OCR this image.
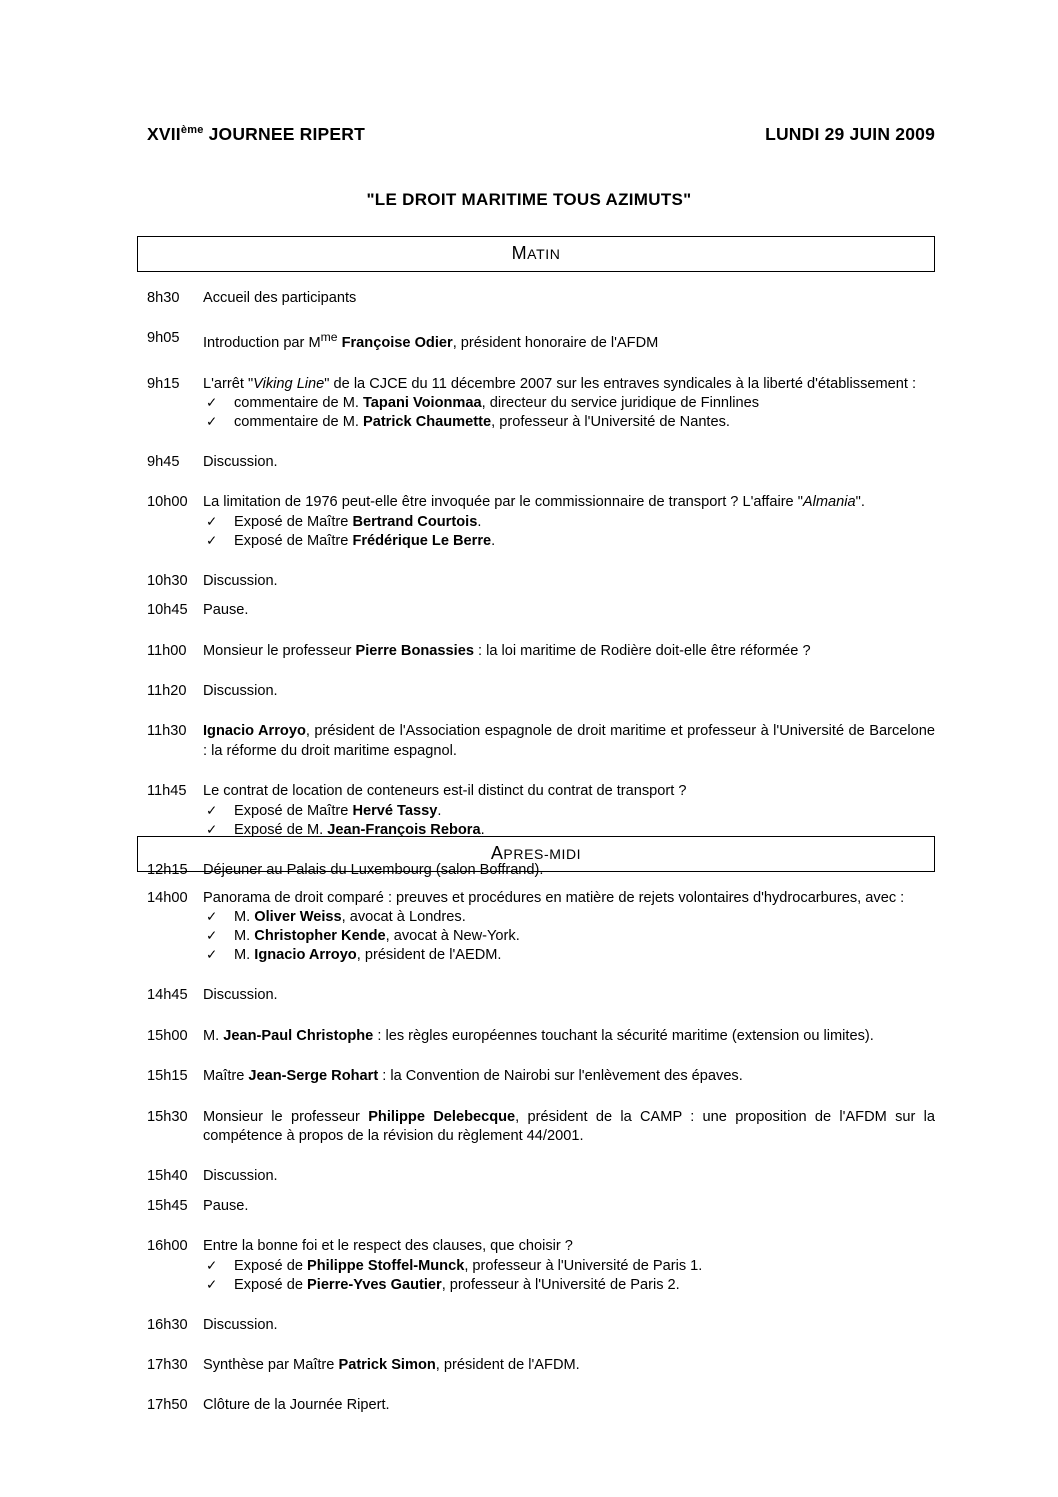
XVIIème JOURNEE RIPERT	LUNDI 29 JUIN 2009
"LE DROIT MARITIME TOUS AZIMUTS"
MATIN
8h30	Accueil des participants
9h05	Introduction par $M^{me}$ Françoise Odier, président honoraire de l'AFDM
9h15	L'arrêt "Viking Line" de la CJCE du 11 décembre 2007 sur les entraves syndicales à la liberté d'établissement :
✓ commentaire de M. Tapani Voionmaa, directeur du service juridique de Finnlines
✓ commentaire de M. Patrick Chaumette, professeur à l'Université de Nantes.
9h45	Discussion.
10h00	La limitation de 1976 peut-elle être invoquée par le commissionnaire de transport ? L'affaire "Almania".
✓ Exposé de Maître Bertrand Courtois.
✓ Exposé de Maître Frédérique Le Berre.
10h30	Discussion.
10h45	Pause.
11h00	Monsieur le professeur Pierre Bonassies : la loi maritime de Rodière doit-elle être réformée ?
11h20	Discussion.
11h30	Ignacio Arroyo, président de l'Association espagnole de droit maritime et professeur à l'Université de Barcelone : la réforme du droit maritime espagnol.
11h45	Le contrat de location de conteneurs est-il distinct du contrat de transport ?
✓ Exposé de Maître Hervé Tassy.
✓ Exposé de M. Jean-François Rebora.
12h15	Déjeuner au Palais du Luxembourg (salon Boffrand).
APRES-MIDI
14h00	Panorama de droit comparé : preuves et procédures en matière de rejets volontaires d'hydrocarbures, avec :
✓ M. Oliver Weiss, avocat à Londres.
✓ M. Christopher Kende, avocat à New-York.
✓ M. Ignacio Arroyo, président de l'AEDM.
14h45	Discussion.
15h00	M. Jean-Paul Christophe : les règles européennes touchant la sécurité maritime (extension ou limites).
15h15	Maître Jean-Serge Rohart : la Convention de Nairobi sur l'enlèvement des épaves.
15h30	Monsieur le professeur Philippe Delebecque, président de la CAMP : une proposition de l'AFDM sur la compétence à propos de la révision du règlement 44/2001.
15h40	Discussion.
15h45	Pause.
16h00	Entre la bonne foi et le respect des clauses, que choisir ?
✓ Exposé de Philippe Stoffel-Munck, professeur à l'Université de Paris 1.
✓ Exposé de Pierre-Yves Gautier, professeur à l'Université de Paris 2.
16h30	Discussion.
17h30	Synthèse par Maître Patrick Simon, président de l'AFDM.
17h50	Clôture de la Journée Ripert.
